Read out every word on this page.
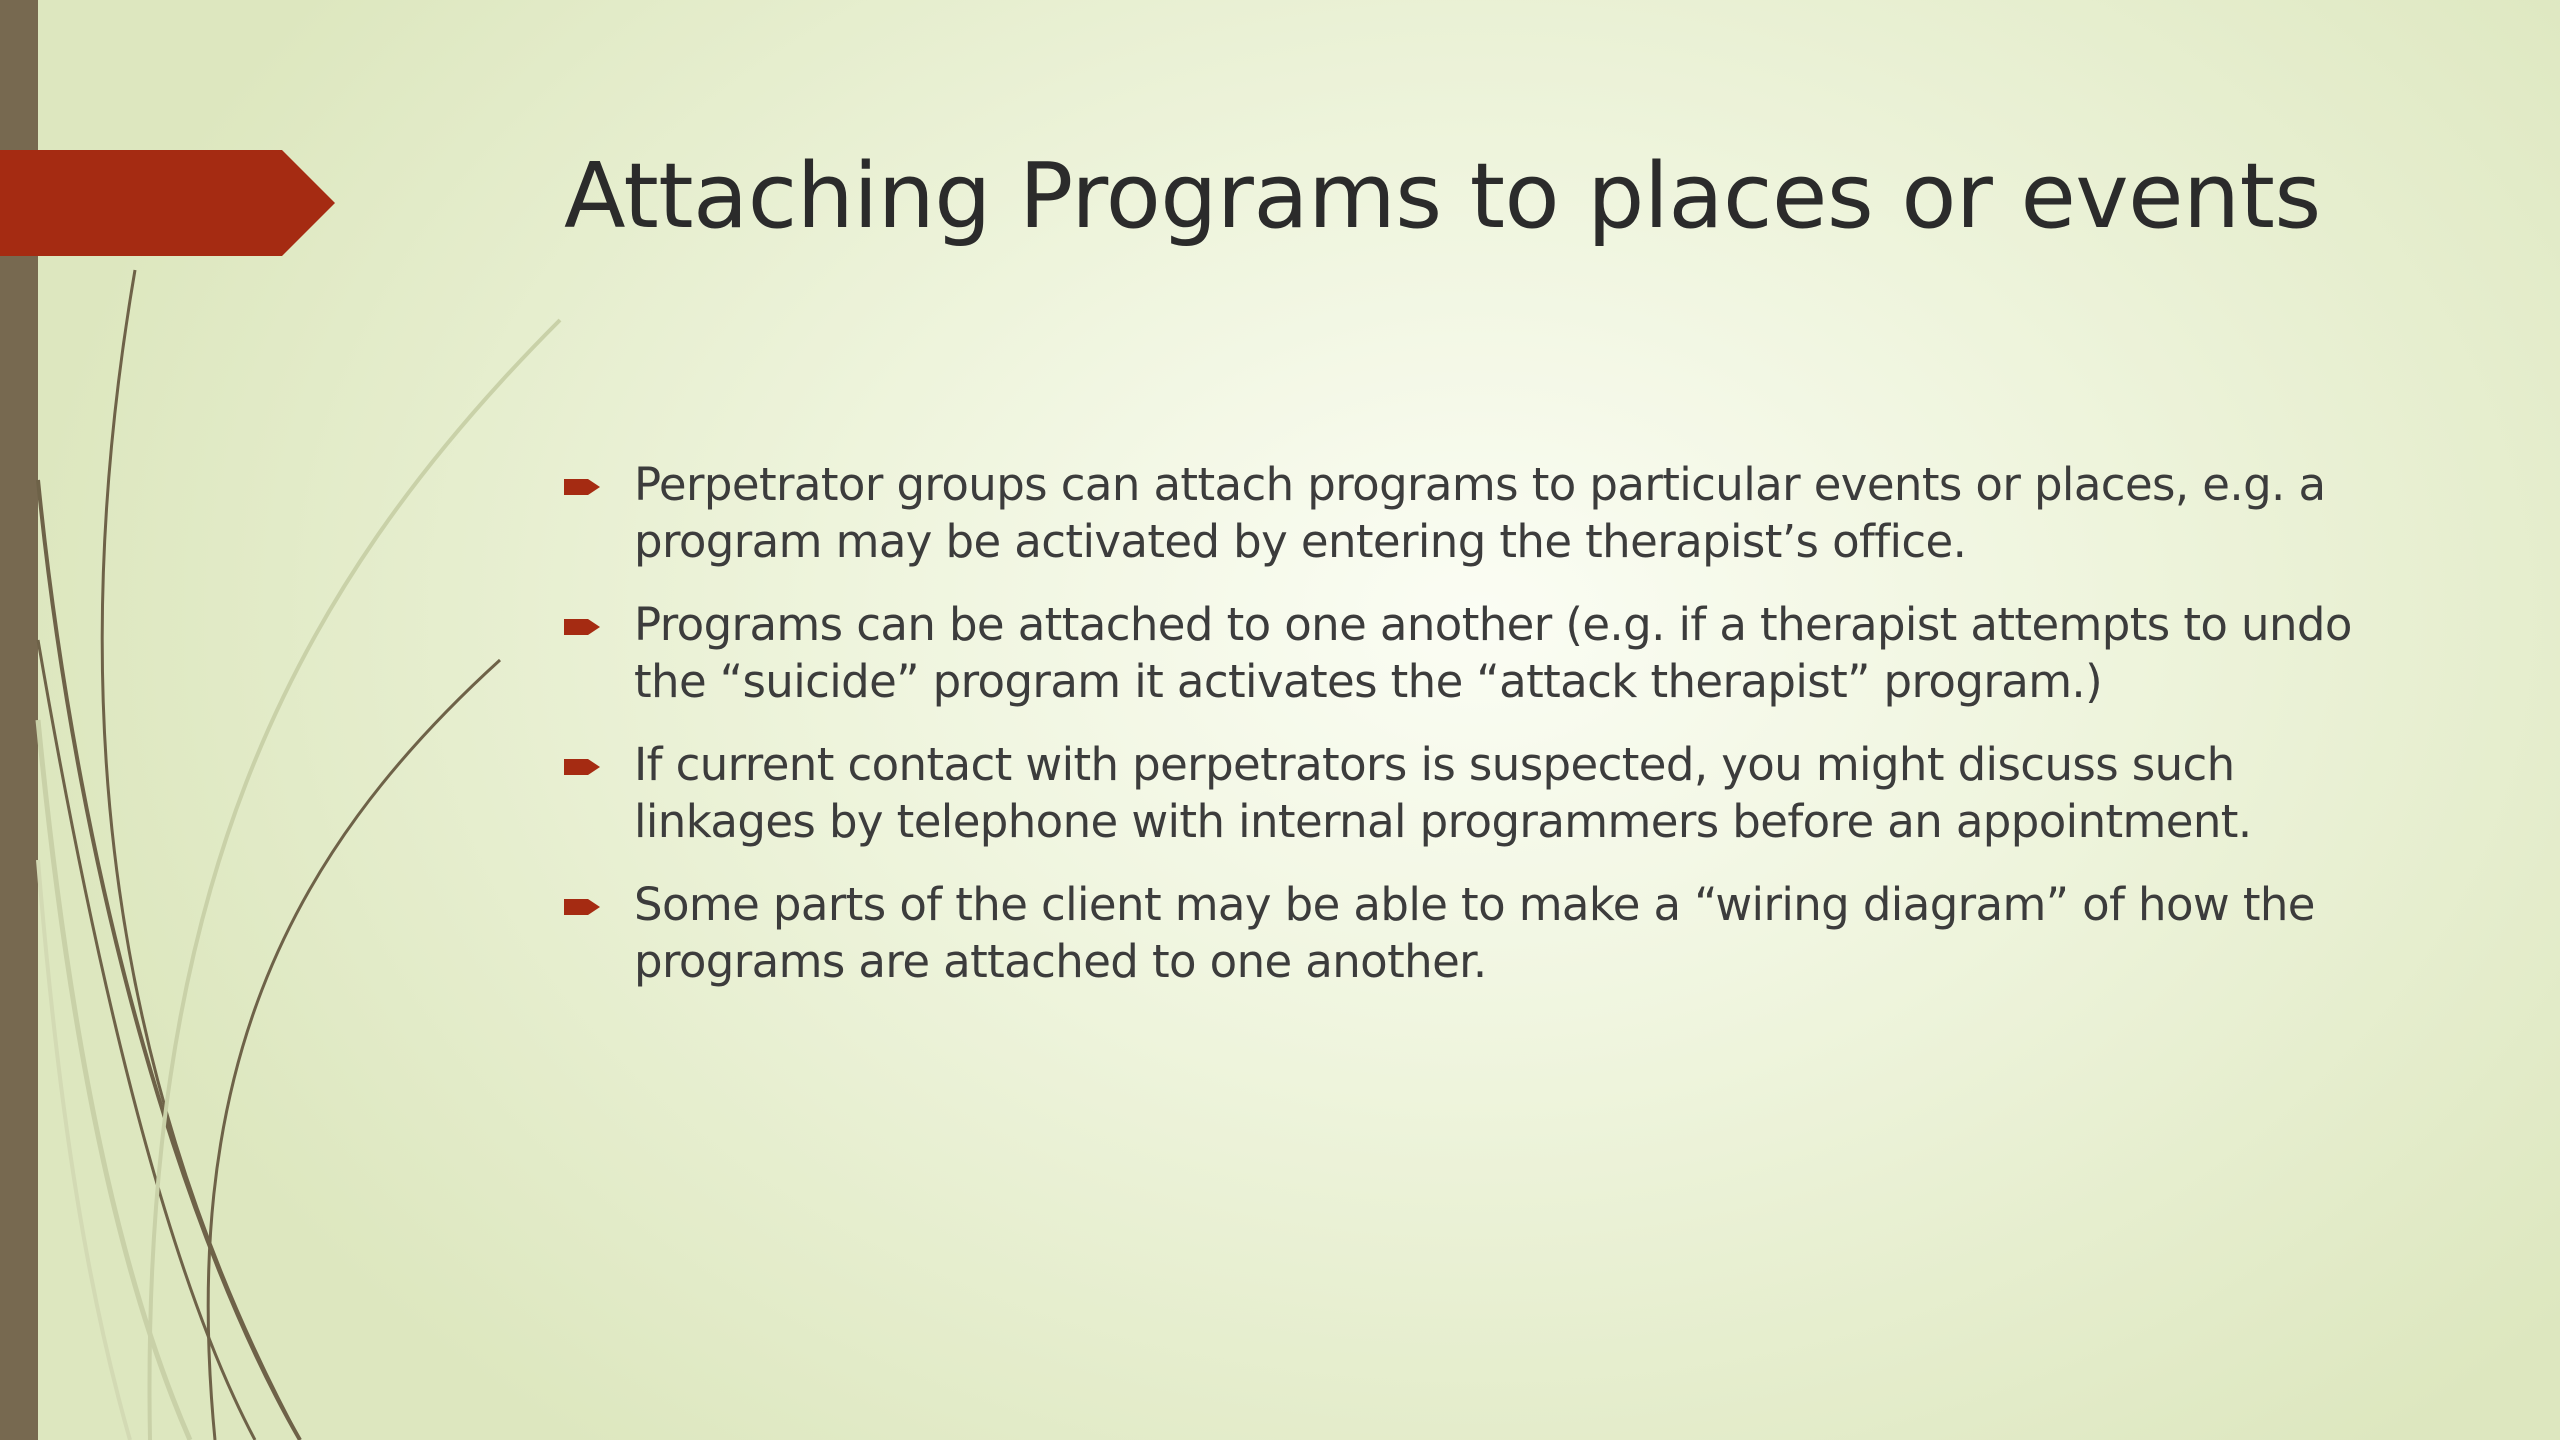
Attaching Programs to places or events
Perpetrator groups can attach programs to particular events or places, e.g. a program may be activated by entering the therapist’s office.
Programs can be attached to one another (e.g. if a therapist attempts to undo the “suicide” program it activates the “attack therapist” program.)
If current contact with perpetrators is suspected, you might discuss such linkages by telephone with internal programmers before an appointment.
Some parts of the client may be able to make a “wiring diagram” of how the programs are attached to one another.
